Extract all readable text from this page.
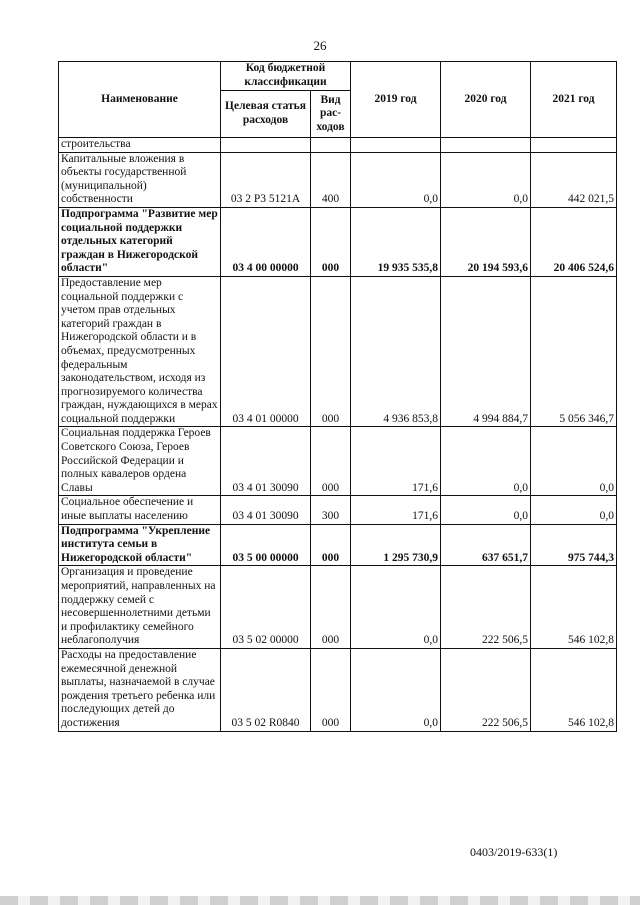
26
Наименование	Код бюджетной классификации		2019 год	2020 год	2021 год
	Целевая статья расходов	Вид рас-ходов			
строительства					
Капитальные вложения в объекты государственной (муниципальной) собственности	03 2 P3 5121A	400	0,0	0,0	442 021,5
Подпрограмма "Развитие мер социальной поддержки отдельных категорий граждан в Нижегородской области"	03 4 00 00000	000	19 935 535,8	20 194 593,6	20 406 524,6
Предоставление мер социальной поддержки с учетом прав отдельных категорий граждан в Нижегородской области и в объемах, предусмотренных федеральным законодательством, исходя из прогнозируемого количества граждан, нуждающихся в мерах социальной поддержки	03 4 01 00000	000	4 936 853,8	4 994 884,7	5 056 346,7
Социальная поддержка Героев Советского Союза, Героев Российской Федерации и полных кавалеров ордена Славы	03 4 01 30090	000	171,6	0,0	0,0
Социальное обеспечение и иные выплаты населению	03 4 01 30090	300	171,6	0,0	0,0
Подпрограмма "Укрепление института семьи в Нижегородской области"	03 5 00 00000	000	1 295 730,9	637 651,7	975 744,3
Организация и проведение мероприятий, направленных на поддержку семей с несовершеннолетними детьми и профилактику семейного неблагополучия	03 5 02 00000	000	0,0	222 506,5	546 102,8
Расходы на предоставление ежемесячной денежной выплаты, назначаемой в случае рождения третьего ребенка или последующих детей до достижения	03 5 02 R0840	000	0,0	222 506,5	546 102,8
0403/2019-633(1)
